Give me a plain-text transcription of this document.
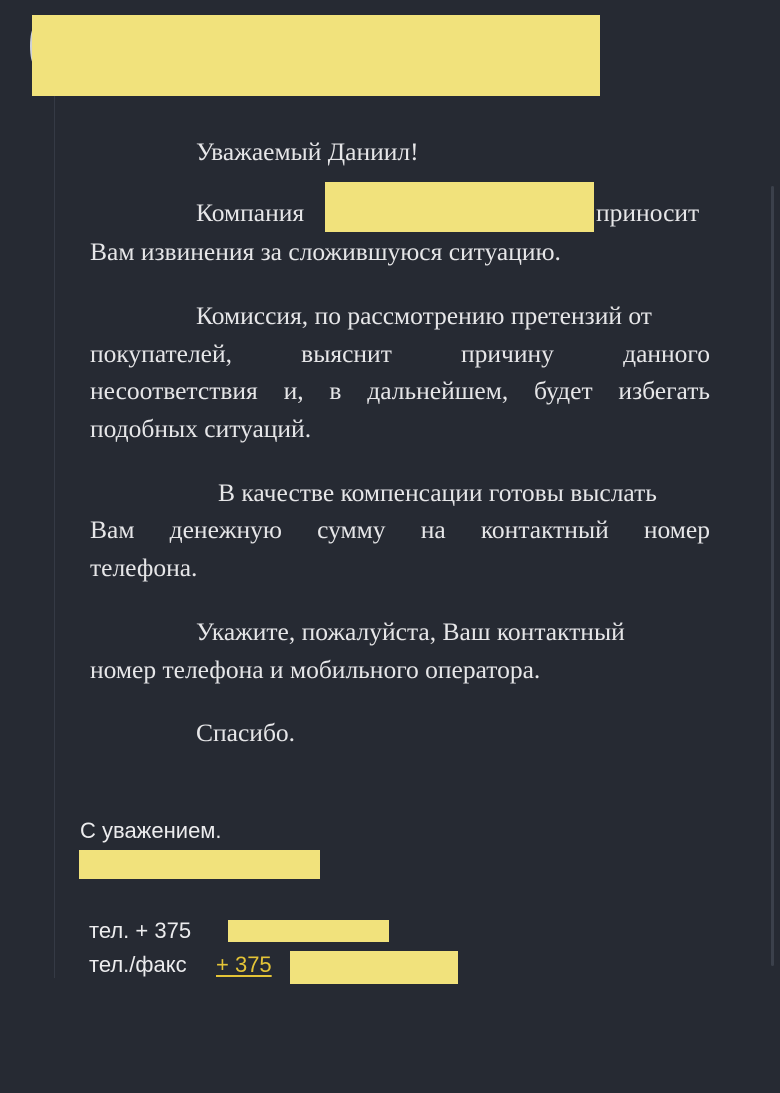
Уважаемый Даниил!
Компания	приносит
Вам извинения за сложившуюся ситуацию.
Комиссия, по рассмотрению претензий от
покупателей, выяснит причину данного
несоответствия и, в дальнейшем, будет избегать
подобных ситуаций.
В качестве компенсации готовы выслать
Вам денежную сумму на контактный номер
телефона.
Укажите, пожалуйста, Ваш контактный
номер телефона и мобильного оператора.
Спасибо.
С уважением.
тел. + 375
тел./факс + 375
